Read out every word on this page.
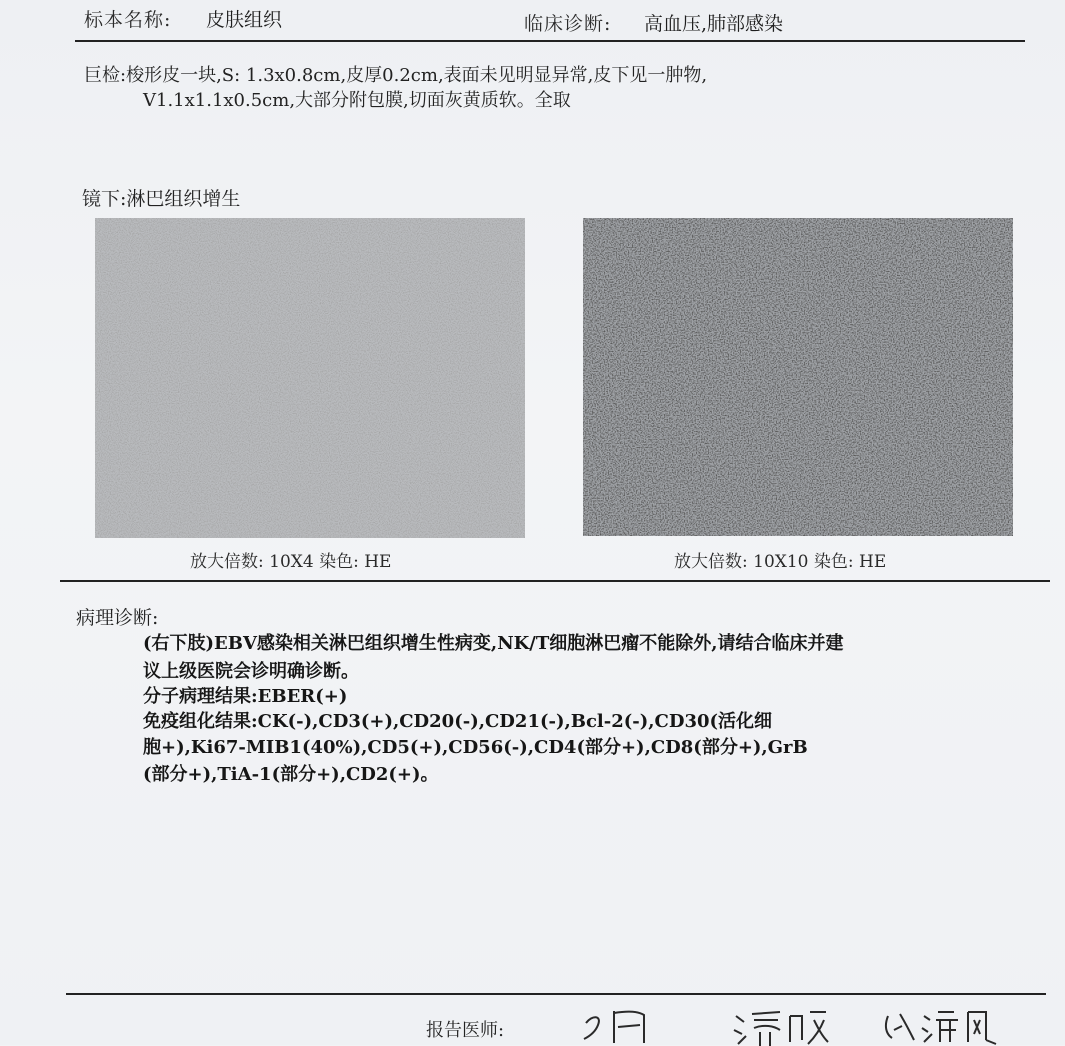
标本名称: 皮肤组织	临床诊断: 高血压,肺部感染
巨检:梭形皮一块,S: 1.3x0.8cm,皮厚0.2cm,表面未见明显异常,皮下见一肿物,
V1.1x1.1x0.5cm,大部分附包膜,切面灰黄质软。全取
镜下:淋巴组织增生
放大倍数: 10X4 染色: HE	放大倍数: 10X10 染色: HE
病理诊断:
(右下肢)EBV感染相关淋巴组织增生性病变,NK/T细胞淋巴瘤不能除外,请结合临床并建
议上级医院会诊明确诊断。
分子病理结果:EBER(+)
免疫组化结果:CK(-),CD3(+),CD20(-),CD21(-),Bcl-2(-),CD30(活化细
胞+),Ki67-MIB1(40%),CD5(+),CD56(-),CD4(部分+),CD8(部分+),GrB
(部分+),TiA-1(部分+),CD2(+)。
报告医师:
